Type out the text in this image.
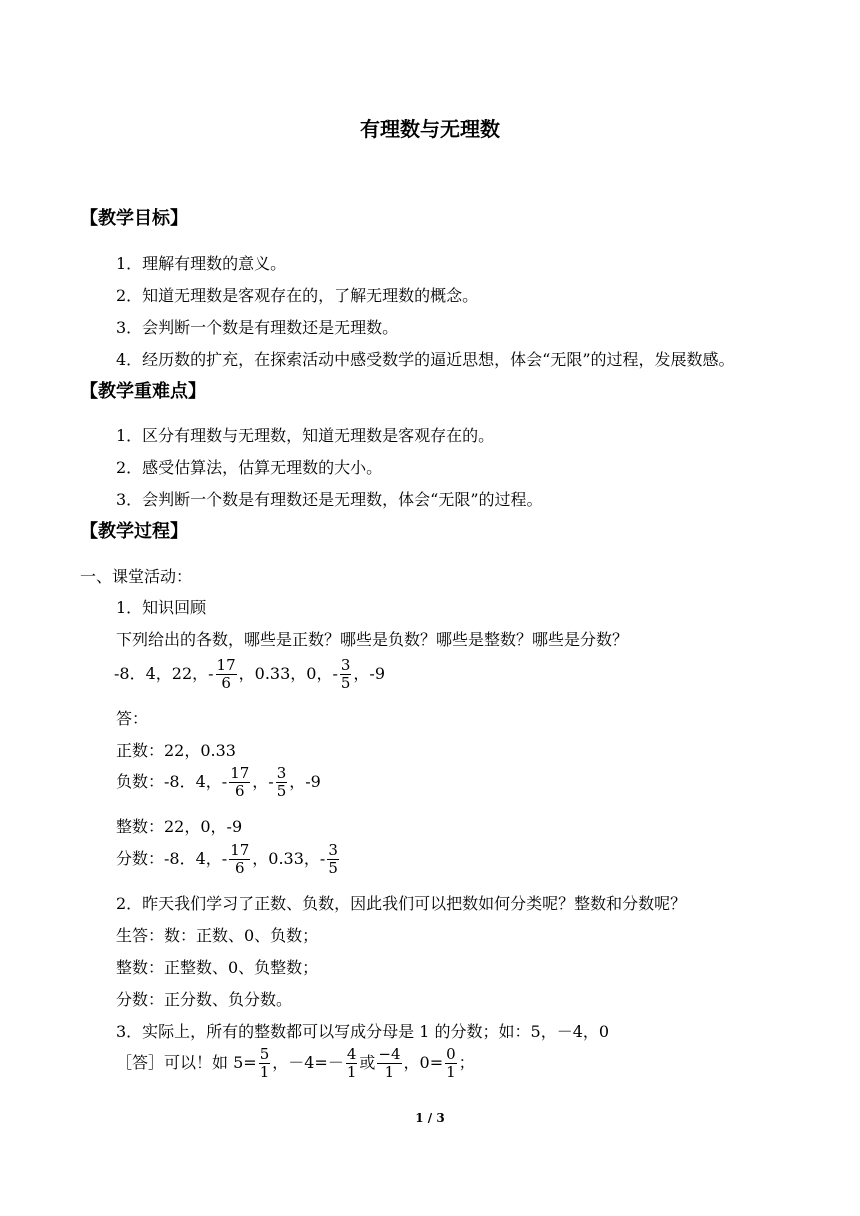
有理数与无理数
【教学目标】
1．理解有理数的意义。
2．知道无理数是客观存在的，了解无理数的概念。
3．会判断一个数是有理数还是无理数。
4．经历数的扩充，在探索活动中感受数学的逼近思想，体会“无限”的过程，发展数感。
【教学重难点】
1．区分有理数与无理数，知道无理数是客观存在的。
2．感受估算法，估算无理数的大小。
3．会判断一个数是有理数还是无理数，体会“无限”的过程。
【教学过程】
一、课堂活动：
1．知识回顾
下列给出的各数，哪些是正数？哪些是负数？哪些是整数？哪些是分数？
-8．4，22，- $\frac{17}{6}$ ，0.33，0，- $\frac{3}{5}$ ，-9
答：
正数：22，0.33
负数：-8．4，- $\frac{17}{6}$ ，- $\frac{3}{5}$ ，-9
整数：22，0，-9
分数：-8．4，- $\frac{17}{6}$ ，0.33，- $\frac{3}{5}$
2．昨天我们学习了正数、负数，因此我们可以把数如何分类呢？整数和分数呢？
生答：数：正数、0、负数；
整数：正整数、0、负整数；
分数：正分数、负分数。
3．实际上，所有的整数都可以写成分母是 1 的分数；如：5，－4，0
［答］可以！如 $5= \frac{5}{1}$ ，$-4=- \frac{4}{1}$ 或 $\frac{-4}{1}$ ，$0= \frac{0}{1}$ ；
1 / 3
